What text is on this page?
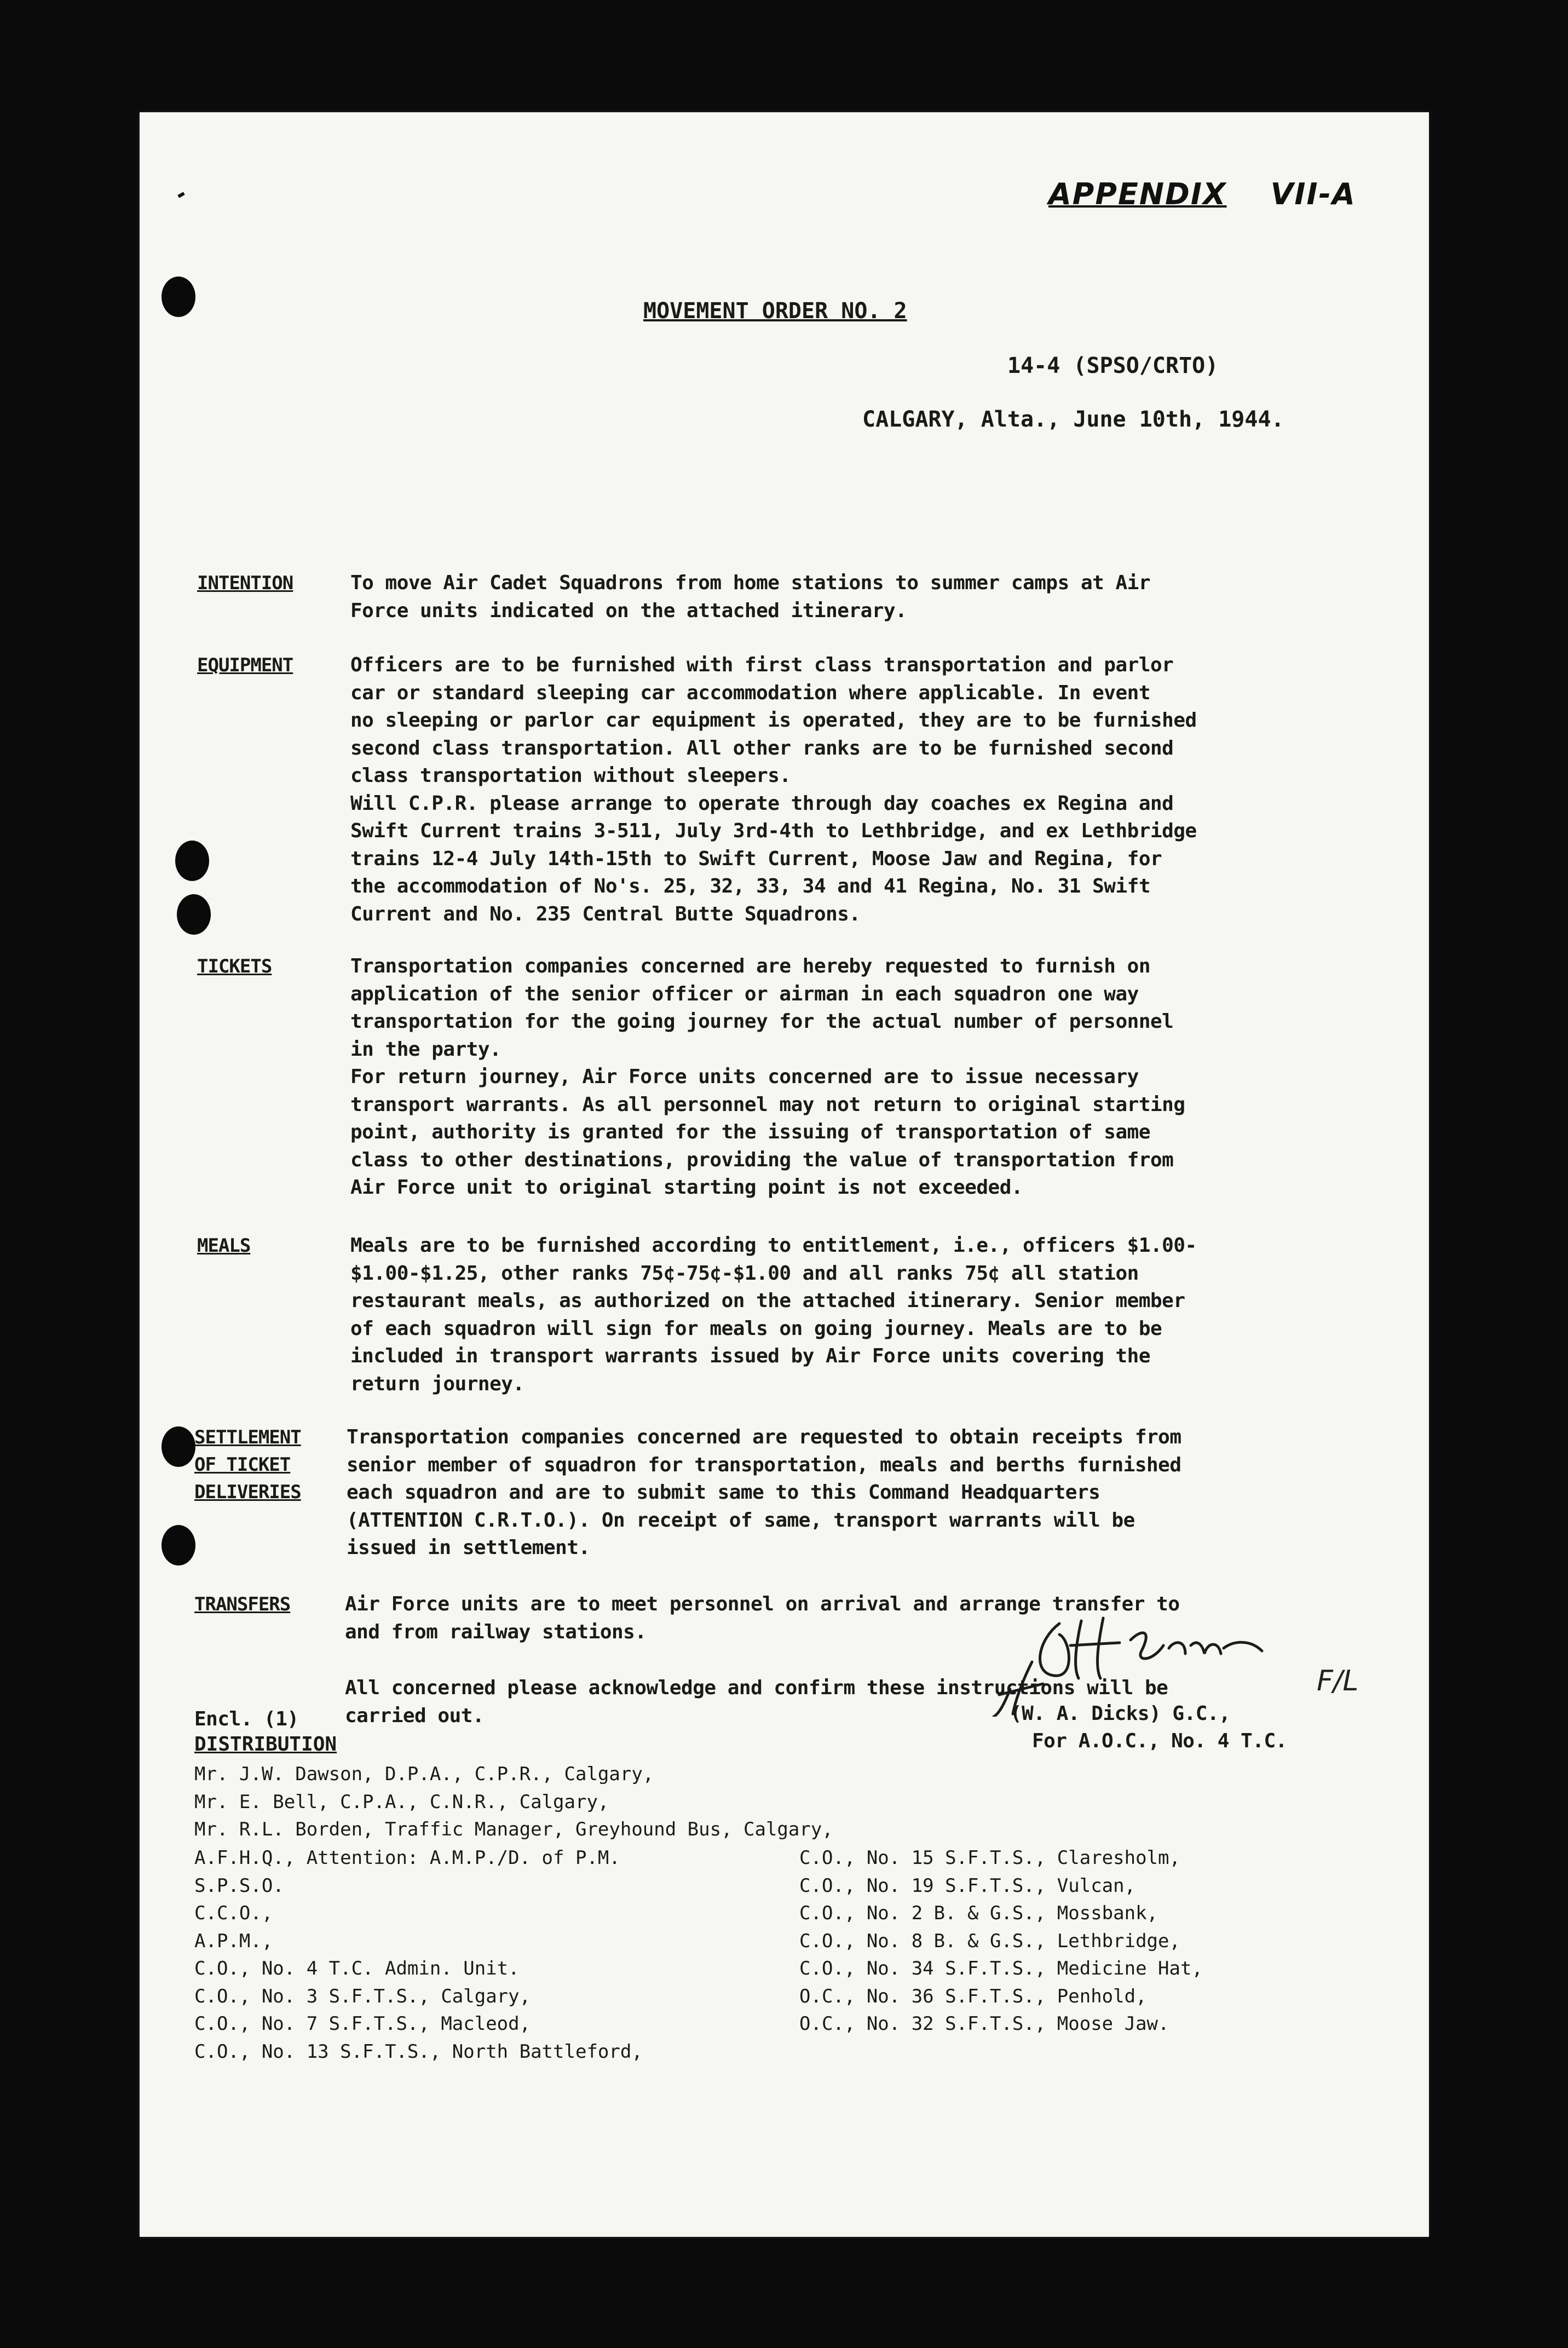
APPENDIX VII-A
MOVEMENT ORDER NO. 2
14-4 (SPSO/CRTO)
CALGARY, Alta., June 10th, 1944.
INTENTION	To move Air Cadet Squadrons from home stations to summer camps at Air
Force units indicated on the attached itinerary.
EQUIPMENT	Officers are to be furnished with first class transportation and parlor
car or standard sleeping car accommodation where applicable. In event
no sleeping or parlor car equipment is operated, they are to be furnished
second class transportation. All other ranks are to be furnished second
class transportation without sleepers.
Will C.P.R. please arrange to operate through day coaches ex Regina and
Swift Current trains 3-511, July 3rd-4th to Lethbridge, and ex Lethbridge
trains 12-4 July 14th-15th to Swift Current, Moose Jaw and Regina, for
the accommodation of No's. 25, 32, 33, 34 and 41 Regina, No. 31 Swift
Current and No. 235 Central Butte Squadrons.
TICKETS	Transportation companies concerned are hereby requested to furnish on
application of the senior officer or airman in each squadron one way
transportation for the going journey for the actual number of personnel
in the party.
For return journey, Air Force units concerned are to issue necessary
transport warrants. As all personnel may not return to original starting
point, authority is granted for the issuing of transportation of same
class to other destinations, providing the value of transportation from
Air Force unit to original starting point is not exceeded.
MEALS	Meals are to be furnished according to entitlement, i.e., officers $1.00-
$1.00-$1.25, other ranks 75¢-75¢-$1.00 and all ranks 75¢ all station
restaurant meals, as authorized on the attached itinerary. Senior member
of each squadron will sign for meals on going journey. Meals are to be
included in transport warrants issued by Air Force units covering the
return journey.
SETTLEMENT
OF TICKET
DELIVERIES
Transportation companies concerned are requested to obtain receipts from
senior member of squadron for transportation, meals and berths furnished
each squadron and are to submit same to this Command Headquarters
(ATTENTION C.R.T.O.). On receipt of same, transport warrants will be
issued in settlement.
TRANSFERS	Air Force units are to meet personnel on arrival and arrange transfer to
and from railway stations.
All concerned please acknowledge and confirm these instructions will be
carried out.	(W. A. Dicks) G.C.,
For A.O.C., No. 4 T.C.
F/L
Encl. (1)
DISTRIBUTION
Mr. J.W. Dawson, D.P.A., C.P.R., Calgary,
Mr. E. Bell, C.P.A., C.N.R., Calgary,
Mr. R.L. Borden, Traffic Manager, Greyhound Bus, Calgary,
A.F.H.Q., Attention: A.M.P./D. of P.M.
S.P.S.O.
C.C.O.,
A.P.M.,
C.O., No. 4 T.C. Admin. Unit.
C.O., No. 3 S.F.T.S., Calgary,
C.O., No. 7 S.F.T.S., Macleod,
C.O., No. 13 S.F.T.S., North Battleford,
C.O., No. 15 S.F.T.S., Claresholm,
C.O., No. 19 S.F.T.S., Vulcan,
C.O., No. 2 B. & G.S., Mossbank,
C.O., No. 8 B. & G.S., Lethbridge,
C.O., No. 34 S.F.T.S., Medicine Hat,
O.C., No. 36 S.F.T.S., Penhold,
O.C., No. 32 S.F.T.S., Moose Jaw.
